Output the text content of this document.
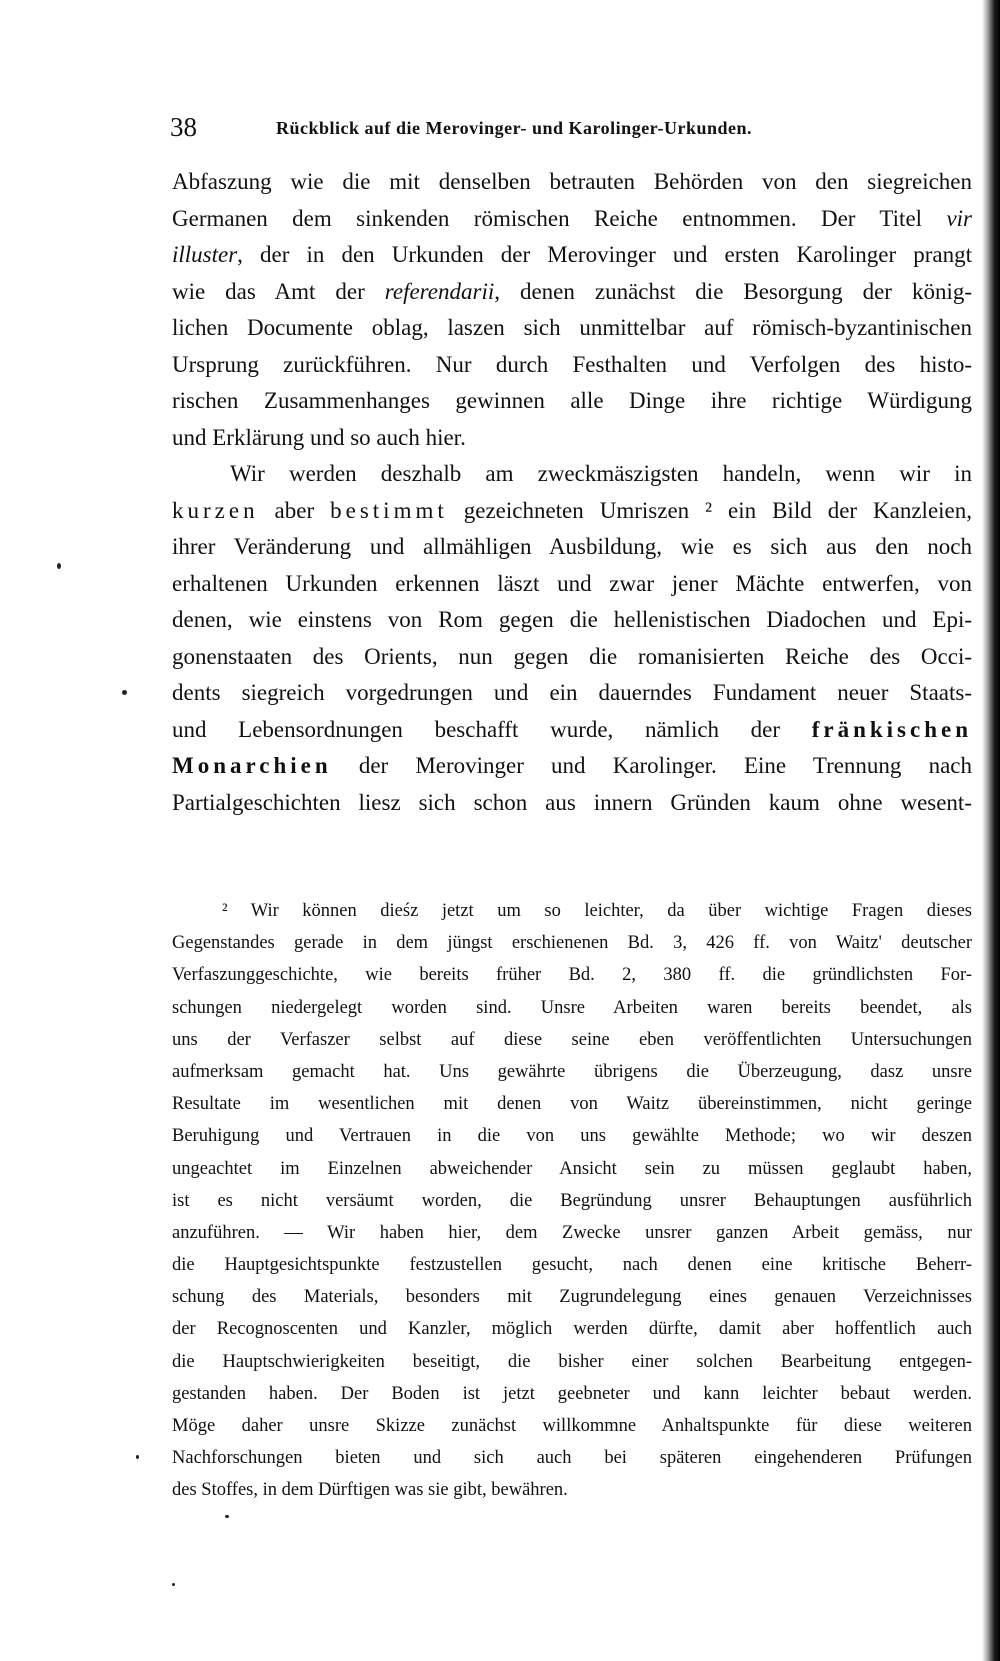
38	Rückblick auf die Merovinger- und Karolinger-Urkunden.
Abfaszung wie die mit denselben betrauten Behörden von den siegreichen
Germanen dem sinkenden römischen Reiche entnommen. Der Titel vir
illuster, der in den Urkunden der Merovinger und ersten Karolinger prangt
wie das Amt der referendarii, denen zunächst die Besorgung der könig-
lichen Documente oblag, laszen sich unmittelbar auf römisch-byzantinischen
Ursprung zurückführen. Nur durch Festhalten und Verfolgen des histo-
rischen Zusammenhanges gewinnen alle Dinge ihre richtige Würdigung
und Erklärung und so auch hier.
Wir werden deszhalb am zweckmäszigsten handeln, wenn wir in
kurzen aber bestimmt gezeichneten Umriszen ² ein Bild der Kanzleien,
ihrer Veränderung und allmähligen Ausbildung, wie es sich aus den noch
erhaltenen Urkunden erkennen läszt und zwar jener Mächte entwerfen, von
denen, wie einstens von Rom gegen die hellenistischen Diadochen und Epi-
gonenstaaten des Orients, nun gegen die romanisierten Reiche des Occi-
dents siegreich vorgedrungen und ein dauerndes Fundament neuer Staats-
und Lebensordnungen beschafft wurde, nämlich der fränkischen
Monarchien der Merovinger und Karolinger. Eine Trennung nach
Partialgeschichten liesz sich schon aus innern Gründen kaum ohne wesent-
² Wir können dieśz jetzt um so leichter, da über wichtige Fragen dieses
Gegenstandes gerade in dem jüngst erschienenen Bd. 3, 426 ff. von Waitz' deutscher
Verfaszunggeschichte, wie bereits früher Bd. 2, 380 ff. die gründlichsten For-
schungen niedergelegt worden sind. Unsre Arbeiten waren bereits beendet, als
uns der Verfaszer selbst auf diese seine eben veröffentlichten Untersuchungen
aufmerksam gemacht hat. Uns gewährte übrigens die Überzeugung, dasz unsre
Resultate im wesentlichen mit denen von Waitz übereinstimmen, nicht geringe
Beruhigung und Vertrauen in die von uns gewählte Methode; wo wir deszen
ungeachtet im Einzelnen abweichender Ansicht sein zu müssen geglaubt haben,
ist es nicht versäumt worden, die Begründung unsrer Behauptungen ausführlich
anzuführen. — Wir haben hier, dem Zwecke unsrer ganzen Arbeit gemäss, nur
die Hauptgesichtspunkte festzustellen gesucht, nach denen eine kritische Beherr-
schung des Materials, besonders mit Zugrundelegung eines genauen Verzeichnisses
der Recognoscenten und Kanzler, möglich werden dürfte, damit aber hoffentlich auch
die Hauptschwierigkeiten beseitigt, die bisher einer solchen Bearbeitung entgegen-
gestanden haben. Der Boden ist jetzt geebneter und kann leichter bebaut werden.
Möge daher unsre Skizze zunächst willkommne Anhaltspunkte für diese weiteren
Nachforschungen bieten und sich auch bei späteren eingehenderen Prüfungen
des Stoffes, in dem Dürftigen was sie gibt, bewähren.
